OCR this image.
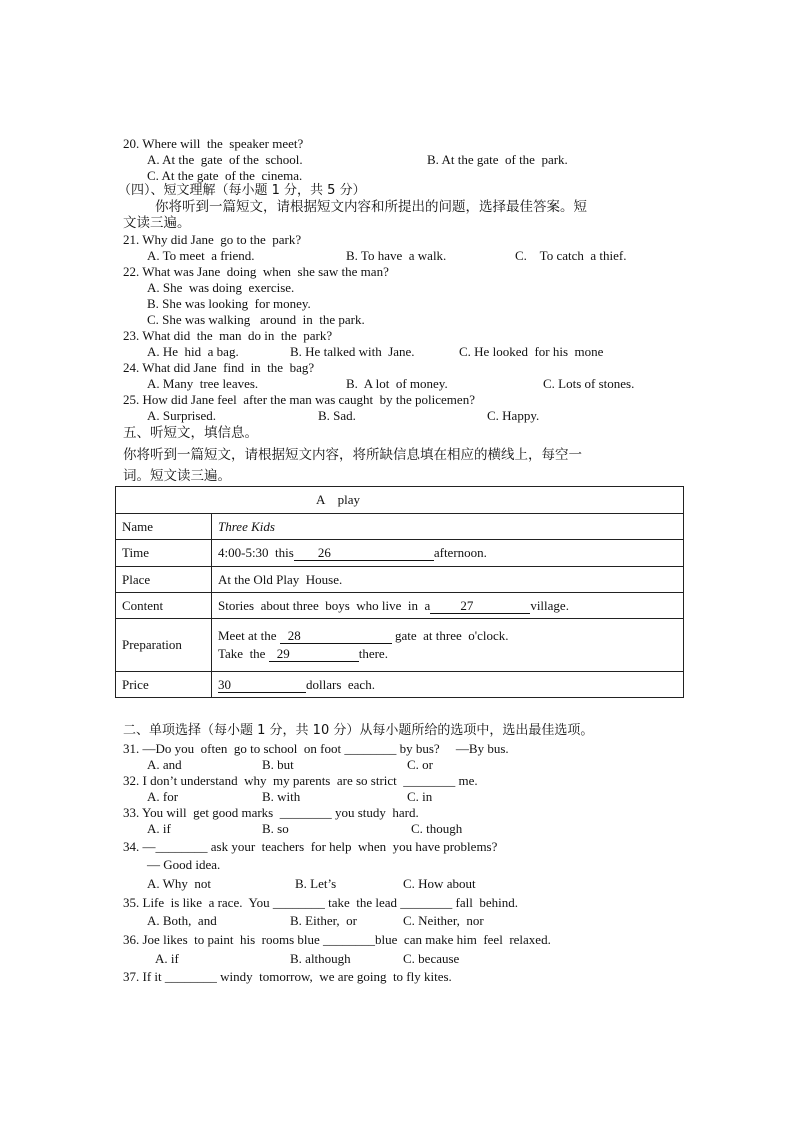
20. Where will  the  speaker meet?
A. At the  gate  of the  school.	B. At the gate  of the  park.
C. At the gate  of the  cinema.
（四）、短文理解（每小题 1 分，共 5 分）
你将听到一篇短文，请根据短文内容和所提出的问题，选择最佳答案。短
文读三遍。
21. Why did Jane  go to the  park?
A. To meet  a friend.	B. To have  a walk.	C.    To catch  a thief.
22. What was Jane  doing  when  she saw the man?
A. She  was doing  exercise.
B. She was looking  for money.
C. She was walking   around  in  the park.
23. What did  the  man  do in  the  park?
A. He  hid  a bag.	B. He talked with  Jane.	C. He looked  for his  mone
24. What did Jane  find  in  the  bag?
A. Many  tree leaves.	B.  A lot  of money.	C. Lots of stones.
25. How did Jane feel  after the man was caught  by the policemen?
A. Surprised.	B. Sad.	C. Happy.
五、听短文，填信息。
你将听到一篇短文，请根据短文内容，将所缺信息填在相应的横线上，每空一
词。短文读三遍。
A    play	
Name	Three Kids
Time	4:00-5:30  this 26 afternoon.
Place	At the Old Play  House.
Content	Stories  about three  boys  who live  in  a 27 village.
Preparation	Meet at the 28 gate  at three  o'clock.
Take  the 29 there.

Price	30 dollars  each.
二、单项选择（每小题 1 分，共 10 分）从每小题所给的选项中，选出最佳选项。
31. —Do you  often  go to school  on foot ________ by bus?     —By bus.
A. and	B. but	C. or
32. I don’t understand  why  my parents  are so strict  ________ me.
A. for	B. with	C. in
33. You will  get good marks  ________ you study  hard.
A. if	B. so	C. though
34. —________ ask your  teachers  for help  when  you have problems?
— Good idea.
A. Why  not	B. Let’s	C. How about
35. Life  is like  a race.  You ________ take  the lead ________ fall  behind.
A. Both,  and	B. Either,  or	C. Neither,  nor
36. Joe likes  to paint  his  rooms blue ________blue  can make him  feel  relaxed.
A. if	B. although	C. because
37. If it ________ windy  tomorrow,  we are going  to fly kites.
